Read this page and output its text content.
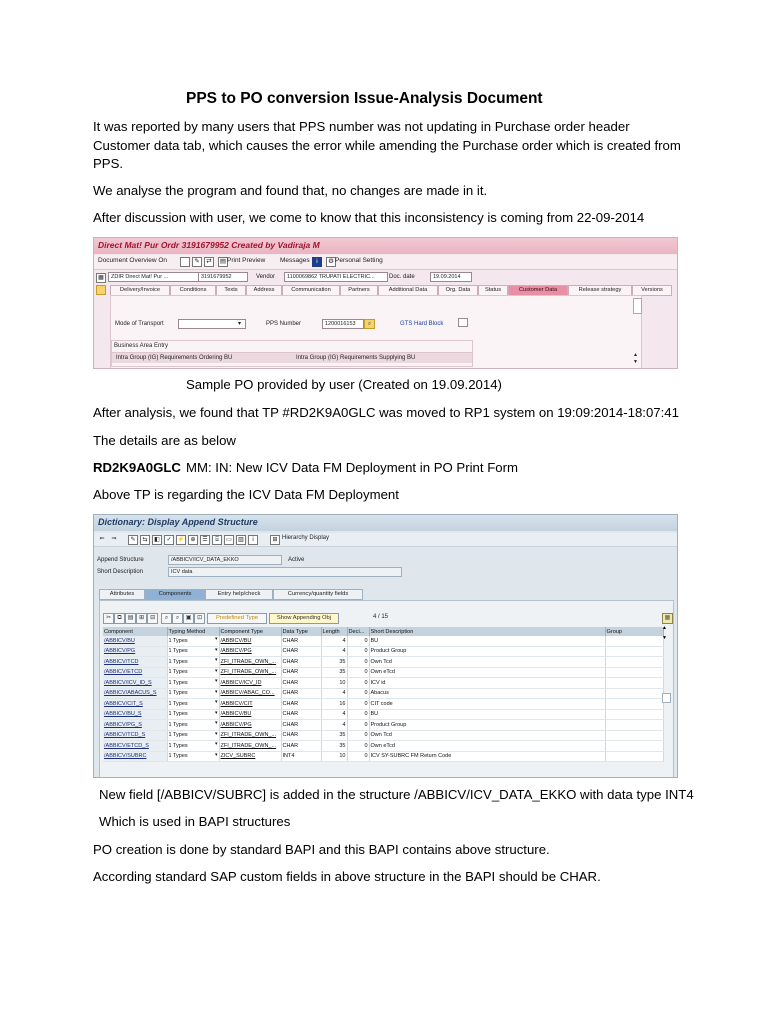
PPS to PO conversion Issue-Analysis Document
It was reported by many users that PPS number was not updating in Purchase order header
Customer data tab, which causes the error while amending the Purchase order which is created from
PPS.
We analyse the program and found that, no changes are made in it.
After discussion with user, we come to know that this inconsistency is coming from 22-09-2014
Direct Mat! Pur Ordr 3191679952 Created by Vadiraja M
Document Overview On	✎	⇄	▤ Print Preview Messages	i	⚙ Personal Setting
▦	ZDIR Direct Mat! Pur ...	3191679952	Vendor	1100069862 TRUPATI ELECTRIC...	Doc. date	19.09.2014
Delivery/Invoice	Conditions	Texts	Address	Communication	Partners	Additional Data	Org. Data	Status	Customer Data	Release strategy	Versions
Mode of Transport	▾	PPS Number	1200016153	⌕	GTS Hard Block
Business Area Entry
Intra Group (IG) Requirements Ordering BU	Intra Group (IG) Requirements Supplying BU	▲
▼
Sample PO provided by user (Created on 19.09.2014)
After analysis, we found that TP #RD2K9A0GLC was moved to RP1 system on 19:09:2014-18:07:41
The details are as below
RD2K9A0GLC MM: IN: New ICV Data FM Deployment in PO Print Form
Above TP is regarding the ICV Data FM Deployment
Dictionary: Display Append Structure
⇐ ⇒	✎	⇆	◧	✓ ⚡ ⊕	☰	⌸	▭	▥	i	⊞ Hierarchy Display
Append Structure	/ABBICV/ICV_DATA_EKKO	Active
Short Description	ICV data
Attributes	Components	Entry help/check	Currency/quantity fields
✂	⧉	▤	⊞	⊟	⌕	⌕	▣	⊡	Predefined Type	Show Appending Obj	4 / 15
Component	Typing Method	Component Type	Data Type	Length	Deci...	Short Description	Group
/ABBICV/BU	1 Types ▾	/ABBICV/BU	CHAR	4	0	BU	
/ABBICV/PG	1 Types ▾	/ABBICV/PG	CHAR	4	0	Product Group	
/ABBICV/TCD	1 Types ▾	ZFI_ITRADE_OWN_...	CHAR	35	0	Own Tcd	
/ABBICV/ETCD	1 Types ▾	ZFI_ITRADE_OWN_...	CHAR	35	0	Own eTcd	
/ABBICV/ICV_ID_S	1 Types ▾	/ABBICV/ICV_ID	CHAR	10	0	ICV id	
/ABBICV/ABACUS_S	1 Types ▾	/ABBICV/ABAC_CO...	CHAR	4	0	Abacus	
/ABBICV/CIT_S	1 Types ▾	/ABBICV/CIT	CHAR	16	0	CIT code	
/ABBICV/BU_S	1 Types ▾	/ABBICV/BU	CHAR	4	0	BU	
/ABBICV/PG_S	1 Types ▾	/ABBICV/PG	CHAR	4	0	Product Group	
/ABBICV/TCD_S	1 Types ▾	ZFI_ITRADE_OWN_...	CHAR	35	0	Own Tcd	
/ABBICV/ETCD_S	1 Types ▾	ZFI_ITRADE_OWN_...	CHAR	35	0	Own eTcd	
/ABBICV/SUBRC	1 Types ▾	ZICV_SUBRC	INT4	10	0	ICV SY-SUBRC FM Return Code	
▦
▲
▼
New field [/ABBICV/SUBRC] is added in the structure /ABBICV/ICV_DATA_EKKO with data type INT4
Which is used in BAPI structures
PO creation is done by standard BAPI and this BAPI contains above structure.
According standard SAP custom fields in above structure in the BAPI should be CHAR.
